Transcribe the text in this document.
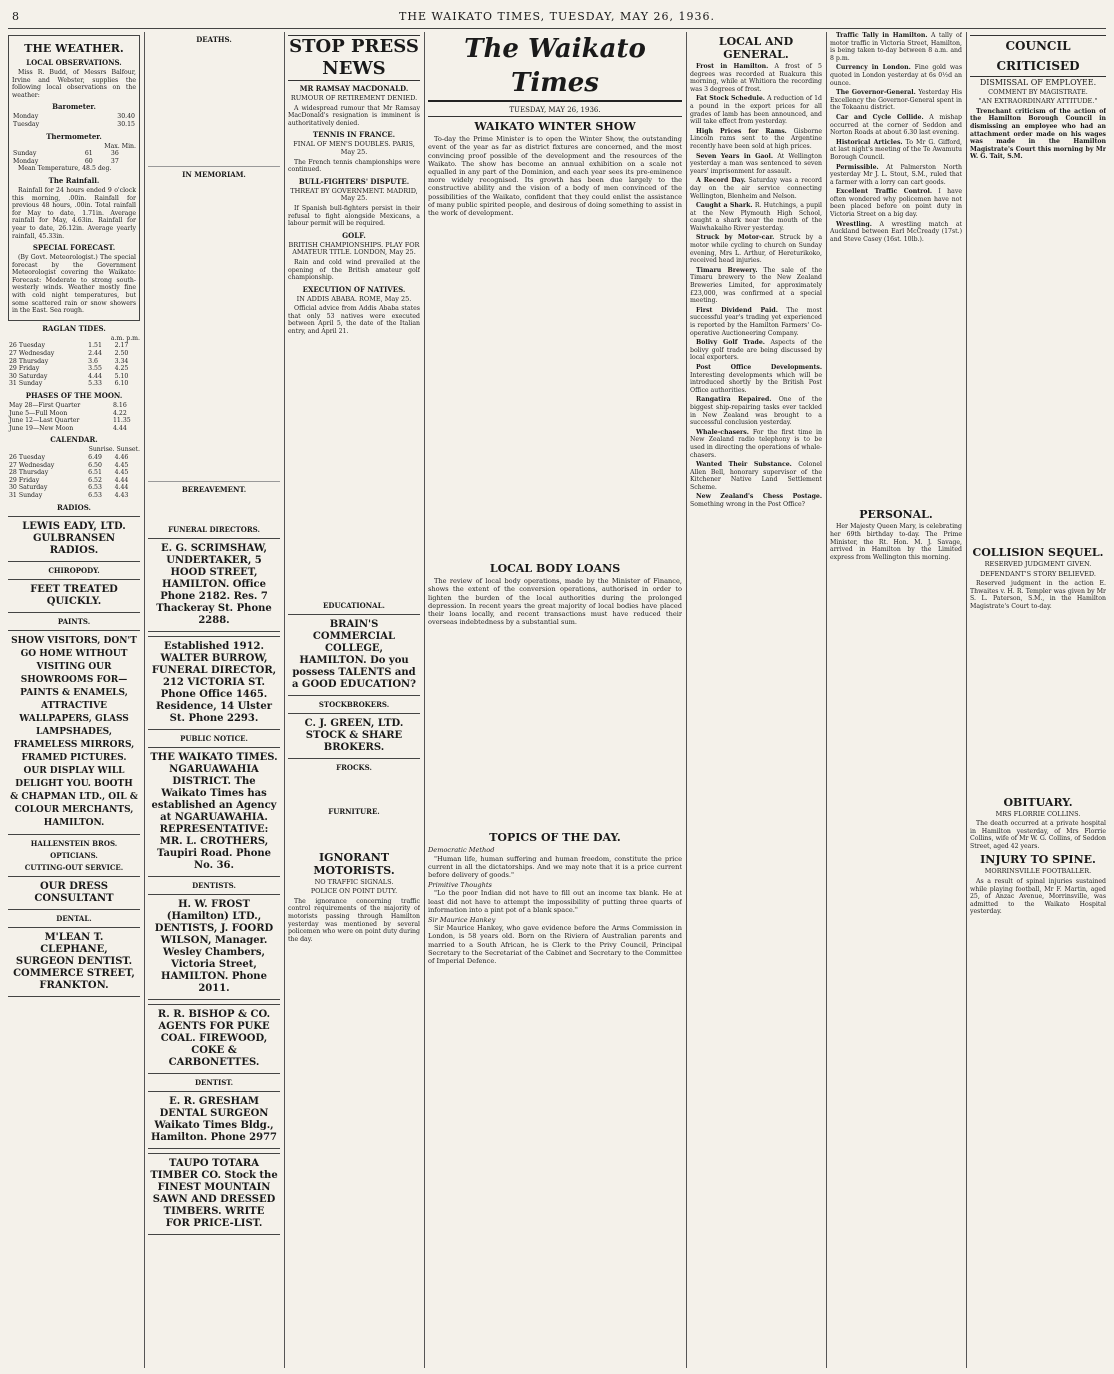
8	THE WAIKATO TIMES, TUESDAY, MAY 26, 1936.
THE WEATHER.
LOCAL OBSERVATIONS.

Miss R. Budd, of Messrs Balfour, Irvine and Webster, supplies the following local observations on the weather:

Barometer.
Monday	30.40
Tuesday	30.15
Thermometer.
Max. Min.
Sunday	61	36
Monday	60	37

Mean Temperature, 48.5 deg.

The Rainfall.

Rainfall for 24 hours ended 9 o'clock this morning, .00in. Rainfall for previous 48 hours, .00in. Total rainfall for May to date, 1.71in. Average rainfall for May, 4.63in. Rainfall for year to date, 26.12in. Average yearly rainfall, 45.33in.

SPECIAL FORECAST.

(By Govt. Meteorologist.) The special forecast by the Government Meteorologist covering the Waikato: Forecast: Moderate to strong south-westerly winds. Weather mostly fine with cold night temperatures, but some scattered rain or snow showers in the East. Sea rough.

RAGLAN TIDES.
a.m. p.m.
26 Tuesday	1.51	2.17
27 Wednesday	2.44	2.50
28 Thursday	3.6	3.34
29 Friday	3.55	4.25
30 Saturday	4.44	5.10
31 Sunday	5.33	6.10
PHASES OF THE MOON.
May 28—First Quarter	8.16
June 5—Full Moon	4.22
June 12—Last Quarter	11.35
June 19—New Moon	4.44
CALENDAR.
Sunrise. Sunset.
26 Tuesday	6.49	4.46
27 Wednesday	6.50	4.45
28 Thursday	6.51	4.45
29 Friday	6.52	4.44
30 Saturday	6.53	4.44
31 Sunday	6.53	4.43
RADIOS.
LEWIS EADY, LTD. GULBRANSEN RADIOS.
CHIROPODY.
FEET TREATED QUICKLY.
PAINTS.
SHOW VISITORS, DON'T GO HOME WITHOUT VISITING OUR SHOWROOMS FOR— PAINTS & ENAMELS, ATTRACTIVE WALLPAPERS, GLASS LAMPSHADES, FRAMELESS MIRRORS, FRAMED PICTURES. OUR DISPLAY WILL DELIGHT YOU. BOOTH & CHAPMAN LTD., OIL & COLOUR MERCHANTS, HAMILTON.
HALLENSTEIN BROS.
OPTICIANS.
CUTTING-OUT SERVICE.
OUR DRESS CONSULTANT
DENTAL.
M'LEAN T. CLEPHANE, SURGEON DENTIST. COMMERCE STREET, FRANKTON.
DEATHS.
IN MEMORIAM.
BEREAVEMENT.
FUNERAL DIRECTORS.
E. G. SCRIMSHAW, UNDERTAKER, 5 HOOD STREET, HAMILTON. Office Phone 2182. Res. 7 Thackeray St. Phone 2288.
Established 1912. WALTER BURROW, FUNERAL DIRECTOR, 212 VICTORIA ST. Phone Office 1465. Residence, 14 Ulster St. Phone 2293.
PUBLIC NOTICE.
THE WAIKATO TIMES. NGARUAWAHIA DISTRICT. The Waikato Times has established an Agency at NGARUAWAHIA. REPRESENTATIVE: MR. L. CROTHERS, Taupiri Road. Phone No. 36.
DENTISTS.
H. W. FROST (Hamilton) LTD., DENTISTS, J. FOORD WILSON, Manager. Wesley Chambers, Victoria Street, HAMILTON. Phone 2011.
R. R. BISHOP & CO. AGENTS FOR PUKE COAL. FIREWOOD, COKE & CARBONETTES.
DENTIST.
E. R. GRESHAM DENTAL SURGEON Waikato Times Bldg., Hamilton. Phone 2977
TAUPO TOTARA TIMBER CO. Stock the FINEST MOUNTAIN SAWN AND DRESSED TIMBERS. WRITE FOR PRICE-LIST.
STOP PRESS NEWS
MR RAMSAY MACDONALD.
RUMOUR OF RETIREMENT DENIED.

A widespread rumour that Mr Ramsay MacDonald's resignation is imminent is authoritatively denied.

TENNIS IN FRANCE.
FINAL OF MEN'S DOUBLES. PARIS, May 25.

The French tennis championships were continued.

BULL-FIGHTERS' DISPUTE.
THREAT BY GOVERNMENT. MADRID, May 25.

If Spanish bull-fighters persist in their refusal to fight alongside Mexicans, a labour permit will be required.

GOLF.
BRITISH CHAMPIONSHIPS. PLAY FOR AMATEUR TITLE. LONDON, May 25.

Rain and cold wind prevailed at the opening of the British amateur golf championship.

EXECUTION OF NATIVES.
IN ADDIS ABABA. ROME, May 25.

Official advice from Addis Ababa states that only 53 natives were executed between April 5, the date of the Italian entry, and April 21.

EDUCATIONAL.
BRAIN'S COMMERCIAL COLLEGE, HAMILTON. Do you possess TALENTS and a GOOD EDUCATION?
STOCKBROKERS.
C. J. GREEN, LTD. STOCK & SHARE BROKERS.
FROCKS.
FURNITURE.
IGNORANT MOTORISTS.
NO TRAFFIC SIGNALS.
POLICE ON POINT DUTY.

The ignorance concerning traffic control requirements of the majority of motorists passing through Hamilton yesterday was mentioned by several policemen who were on point duty during the day.

The Waikato Times
TUESDAY, MAY 26, 1936.
WAIKATO WINTER SHOW

To-day the Prime Minister is to open the Winter Show, the outstanding event of the year as far as district fixtures are concerned, and the most convincing proof possible of the development and the resources of the Waikato. The show has become an annual exhibition on a scale not equalled in any part of the Dominion, and each year sees its pre-eminence more widely recognised. Its growth has been due largely to the constructive ability and the vision of a body of men convinced of the possibilities of the Waikato, confident that they could enlist the assistance of many public spirited people, and desirous of doing something to assist in the work of development.

LOCAL BODY LOANS

The review of local body operations, made by the Minister of Finance, shows the extent of the conversion operations, authorised in order to lighten the burden of the local authorities during the prolonged depression. In recent years the great majority of local bodies have placed their loans locally, and recent transactions must have reduced their overseas indebtedness by a substantial sum.

TOPICS OF THE DAY.
Democratic Method

"Human life, human suffering and human freedom, constitute the price current in all the dictatorships. And we may note that it is a price current before delivery of goods."

Primitive Thoughts

"Lo the poor Indian did not have to fill out an income tax blank. He at least did not have to attempt the impossibility of putting three quarts of information into a pint pot of a blank space."

Sir Maurice Hankey

Sir Maurice Hankey, who gave evidence before the Arms Commission in London, is 58 years old. Born on the Riviera of Australian parents and married to a South African, he is Clerk to the Privy Council, Principal Secretary to the Secretariat of the Cabinet and Secretary to the Committee of Imperial Defence.

LOCAL AND GENERAL.

Frost in Hamilton. A frost of 5 degrees was recorded at Ruakura this morning, while at Whitiora the recording was 3 degrees of frost.

Fat Stock Schedule. A reduction of 1d a pound in the export prices for all grades of lamb has been announced, and will take effect from yesterday.

High Prices for Rams. Gisborne Lincoln rams sent to the Argentine recently have been sold at high prices.

Seven Years in Gaol. At Wellington yesterday a man was sentenced to seven years' imprisonment for assault.

A Record Day. Saturday was a record day on the air service connecting Wellington, Blenheim and Nelson.

Caught a Shark. R. Hutchings, a pupil at the New Plymouth High School, caught a shark near the mouth of the Waiwhakaiho River yesterday.

Struck by Motor-car. Struck by a motor while cycling to church on Sunday evening, Mrs L. Arthur, of Hereturikoko, received head injuries.

Timaru Brewery. The sale of the Timaru brewery to the New Zealand Breweries Limited, for approximately £23,000, was confirmed at a special meeting.

First Dividend Paid. The most successful year's trading yet experienced is reported by the Hamilton Farmers' Co-operative Auctioneering Company.

Bolivy Golf Trade. Aspects of the bolivy golf trade are being discussed by local exporters.

Post Office Developments. Interesting developments which will be introduced shortly by the British Post Office authorities.

Rangatira Repaired. One of the biggest ship-repairing tasks ever tackled in New Zealand was brought to a successful conclusion yesterday.

Whale-chasers. For the first time in New Zealand radio telephony is to be used in directing the operations of whale-chasers.

Wanted Their Substance. Colonel Allen Bell, honorary supervisor of the Kitchener Native Land Settlement Scheme.

New Zealand's Chess Postage. Something wrong in the Post Office?

Traffic Tally in Hamilton. A tally of motor traffic in Victoria Street, Hamilton, is being taken to-day between 8 a.m. and 8 p.m.

Currency in London. Fine gold was quoted in London yesterday at 6s 0½d an ounce.

The Governor-General. Yesterday His Excellency the Governor-General spent in the Tokaanu district.

Car and Cycle Collide. A mishap occurred at the corner of Seddon and Norton Roads at about 6.30 last evening.

Historical Articles. To Mr G. Gifford, at last night's meeting of the Te Awamutu Borough Council.

Permissible. At Palmerston North yesterday Mr J. L. Stout, S.M., ruled that a farmer with a lorry can cart goods.

Excellent Traffic Control. I have often wondered why policemen have not been placed before on point duty in Victoria Street on a big day.

Wrestling. A wrestling match at Auckland between Earl McCready (17st.) and Steve Casey (16st. 10lb.).

PERSONAL.

Her Majesty Queen Mary, is celebrating her 69th birthday to-day. The Prime Minister, the Rt. Hon. M. J. Savage, arrived in Hamilton by the Limited express from Wellington this morning.

COUNCIL CRITICISED
DISMISSAL OF EMPLOYEE.
COMMENT BY MAGISTRATE.
"AN EXTRAORDINARY ATTITUDE."

Trenchant criticism of the action of the Hamilton Borough Council in dismissing an employee who had an attachment order made on his wages was made in the Hamilton Magistrate's Court this morning by Mr W. G. Tait, S.M.

COLLISION SEQUEL.
RESERVED JUDGMENT GIVEN.
DEFENDANT'S STORY BELIEVED.

Reserved judgment in the action E. Thwaites v. H. R. Templer was given by Mr S. L. Paterson, S.M., in the Hamilton Magistrate's Court to-day.

OBITUARY.
MRS FLORRIE COLLINS.

The death occurred at a private hospital in Hamilton yesterday, of Mrs Florrie Collins, wife of Mr W. G. Collins, of Seddon Street, aged 42 years.

INJURY TO SPINE.
MORRINSVILLE FOOTBALLER.

As a result of spinal injuries sustained while playing football, Mr F. Martin, aged 25, of Anzac Avenue, Morrinsville, was admitted to the Waikato Hospital yesterday.
